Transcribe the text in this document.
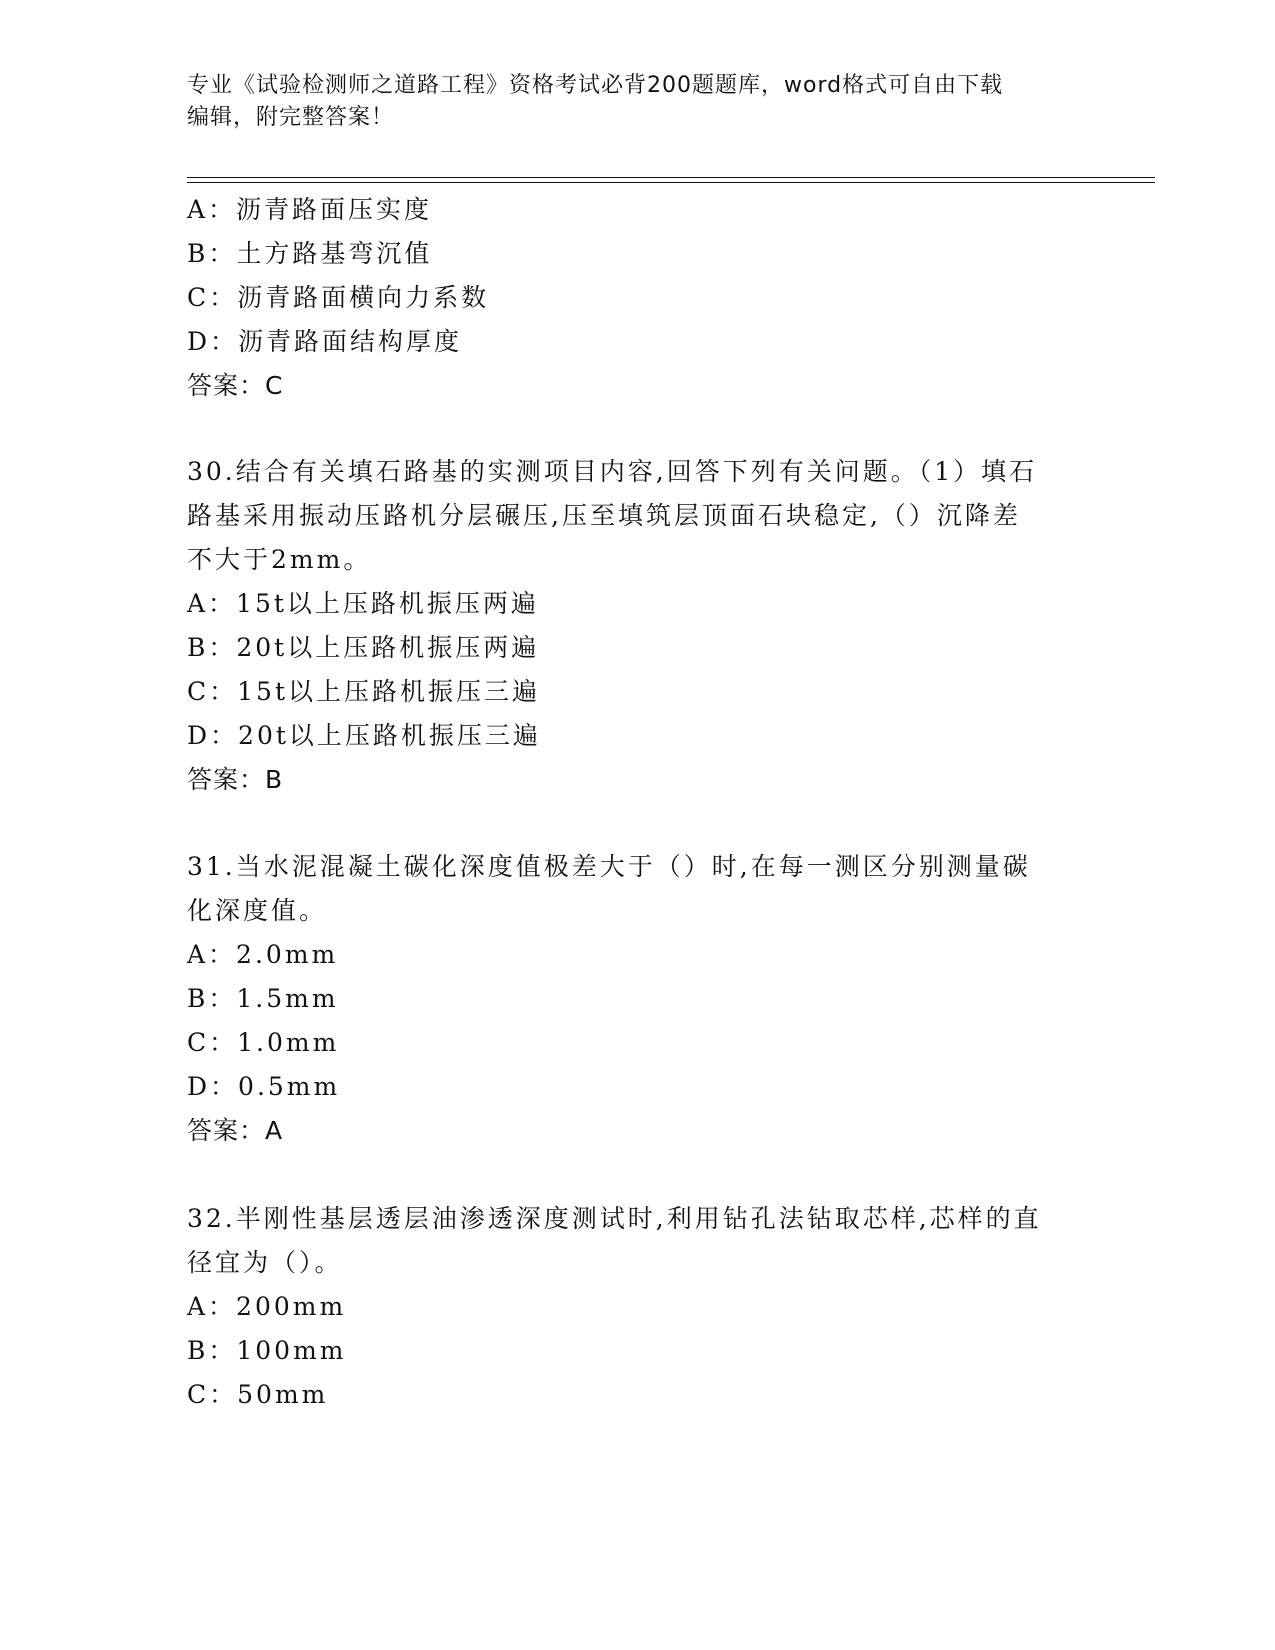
专业《试验检测师之道路工程》资格考试必背200题题库，word格式可自由下载
编辑，附完整答案！
A：沥青路面压实度
B：土方路基弯沉值
C：沥青路面横向力系数
D：沥青路面结构厚度
答案：C
30.结合有关填石路基的实测项目内容,回答下列有关问题。（1）填石
路基采用振动压路机分层碾压,压至填筑层顶面石块稳定,（）沉降差
不大于2mm。
A：15t以上压路机振压两遍
B：20t以上压路机振压两遍
C：15t以上压路机振压三遍
D：20t以上压路机振压三遍
答案：B
31.当水泥混凝土碳化深度值极差大于（）时,在每一测区分别测量碳
化深度值。
A：2.0mm
B：1.5mm
C：1.0mm
D：0.5mm
答案：A
32.半刚性基层透层油渗透深度测试时,利用钻孔法钻取芯样,芯样的直
径宜为（）。
A：200mm
B：100mm
C：50mm
